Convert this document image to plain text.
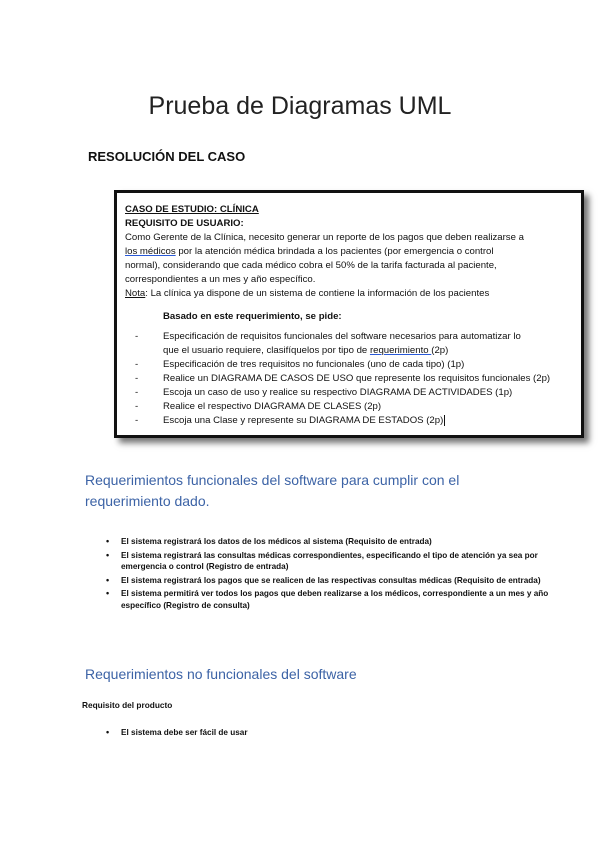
Prueba de Diagramas UML
RESOLUCIÓN DEL CASO
CASO DE ESTUDIO: CLÍNICA
REQUISITO DE USUARIO:
Como Gerente de la Clínica, necesito generar un reporte de los pagos que deben realizarse a
los médicos por la atención médica brindada a los pacientes (por emergencia o control
normal), considerando que cada médico cobra el 50% de la tarifa facturada al paciente,
correspondientes a un mes y año específico.
Nota: La clínica ya dispone de un sistema de contiene la información de los pacientes
Basado en este requerimiento, se pide:
- Especificación de requisitos funcionales del software necesarios para automatizar lo
que el usuario requiere, clasifíquelos por tipo de requerimiento (2p)
- Especificación de tres requisitos no funcionales (uno de cada tipo) (1p)
- Realice un DIAGRAMA DE CASOS DE USO que represente los requisitos funcionales (2p)
- Escoja un caso de uso y realice su respectivo DIAGRAMA DE ACTIVIDADES (1p)
- Realice el respectivo DIAGRAMA DE CLASES (2p)
- Escoja una Clase y represente su DIAGRAMA DE ESTADOS (2p)
Requerimientos funcionales del software para cumplir con el
requerimiento dado.
• El sistema registrará los datos de los médicos al sistema (Requisito de entrada)
• El sistema registrará las consultas médicas correspondientes, especificando el tipo de atención ya sea por emergencia o control (Registro de entrada)
• El sistema registrará los pagos que se realicen de las respectivas consultas médicas (Requisito de entrada)
• El sistema permitirá ver todos los pagos que deben realizarse a los médicos, correspondiente a un mes y año específico (Registro de consulta)
Requerimientos no funcionales del software
Requisito del producto
• El sistema debe ser fácil de usar
